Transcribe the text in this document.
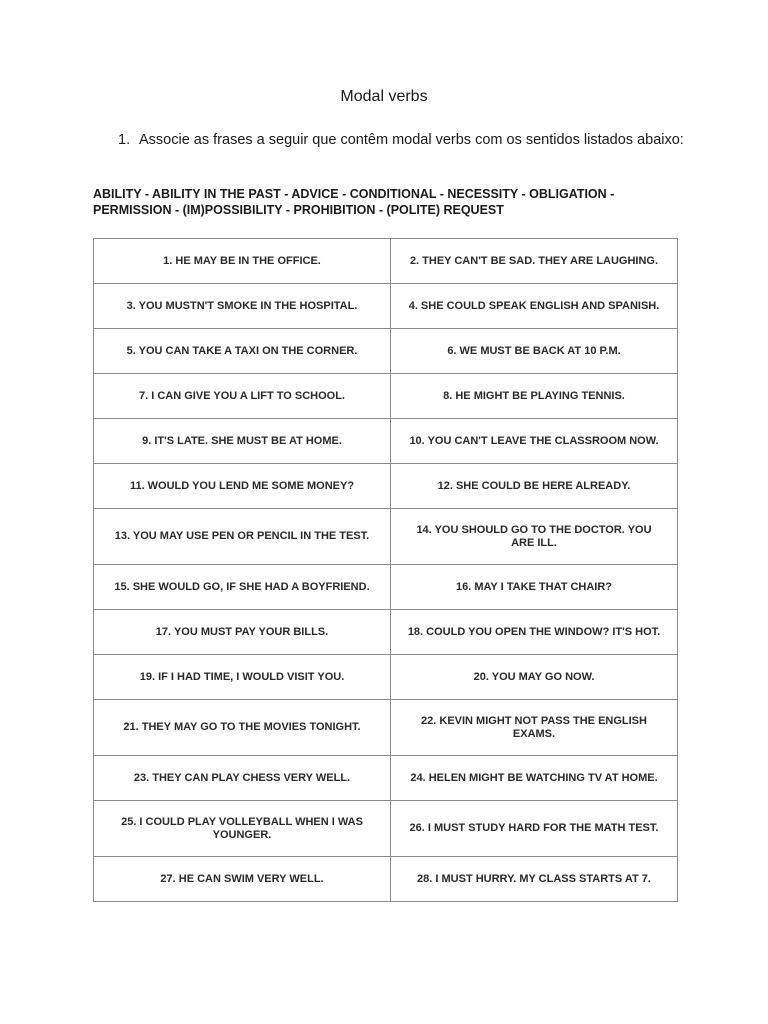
Modal verbs
1. Associe as frases a seguir que contêm modal verbs com os sentidos listados abaixo:
ABILITY - ABILITY IN THE PAST - ADVICE - CONDITIONAL - NECESSITY - OBLIGATION -
PERMISSION - (IM)POSSIBILITY - PROHIBITION - (POLITE) REQUEST
1. HE MAY BE IN THE OFFICE.	2. THEY CAN'T BE SAD. THEY ARE LAUGHING.
3. YOU MUSTN'T SMOKE IN THE HOSPITAL.	4. SHE COULD SPEAK ENGLISH AND SPANISH.
5. YOU CAN TAKE A TAXI ON THE CORNER.	6. WE MUST BE BACK AT 10 P.M.
7. I CAN GIVE YOU A LIFT TO SCHOOL.	8. HE MIGHT BE PLAYING TENNIS.
9. IT'S LATE. SHE MUST BE AT HOME.	10. YOU CAN'T LEAVE THE CLASSROOM NOW.
11. WOULD YOU LEND ME SOME MONEY?	12. SHE COULD BE HERE ALREADY.
13. YOU MAY USE PEN OR PENCIL IN THE TEST.	14. YOU SHOULD GO TO THE DOCTOR. YOU ARE ILL.
15. SHE WOULD GO, IF SHE HAD A BOYFRIEND.	16. MAY I TAKE THAT CHAIR?
17. YOU MUST PAY YOUR BILLS.	18. COULD YOU OPEN THE WINDOW? IT'S HOT.
19. IF I HAD TIME, I WOULD VISIT YOU.	20. YOU MAY GO NOW.
21. THEY MAY GO TO THE MOVIES TONIGHT.	22. KEVIN MIGHT NOT PASS THE ENGLISH EXAMS.
23. THEY CAN PLAY CHESS VERY WELL.	24. HELEN MIGHT BE WATCHING TV AT HOME.
25. I COULD PLAY VOLLEYBALL WHEN I WAS YOUNGER.	26. I MUST STUDY HARD FOR THE MATH TEST.
27. HE CAN SWIM VERY WELL.	28. I MUST HURRY. MY CLASS STARTS AT 7.
